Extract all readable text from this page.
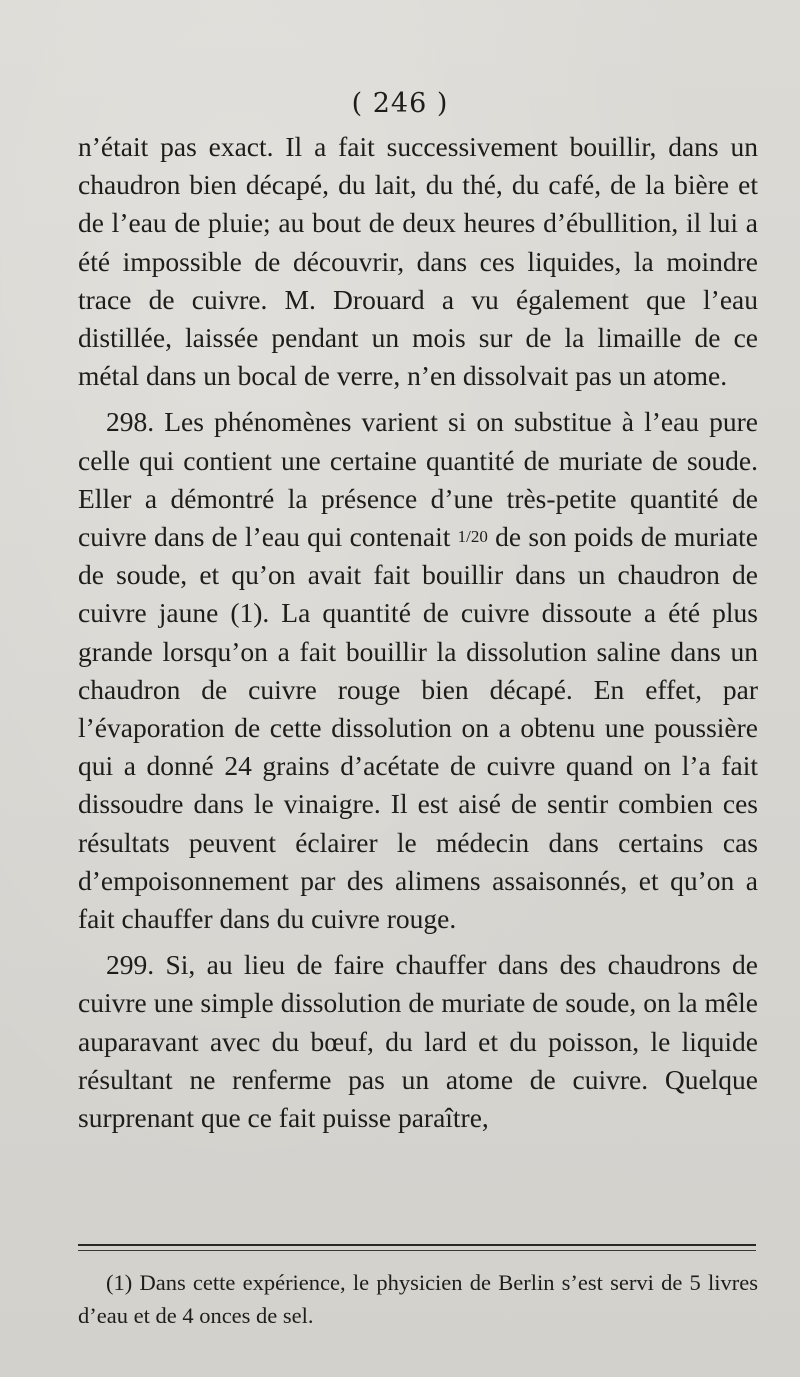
( 246 )

n’était pas exact. Il a fait successivement bouillir, dans un chaudron bien décapé, du lait, du thé, du café, de la bière et de l’eau de pluie; au bout de deux heures d’ébullition, il lui a été impossible de découvrir, dans ces liquides, la moindre trace de cuivre. M. Drouard a vu également que l’eau distillée, laissée pendant un mois sur de la limaille de ce métal dans un bocal de verre, n’en dissolvait pas un atome.

298. Les phénomènes varient si on substitue à l’eau pure celle qui contient une certaine quantité de muriate de soude. Eller a démontré la présence d’une très-petite quantité de cuivre dans de l’eau qui contenait 1/20 de son poids de muriate de soude, et qu’on avait fait bouillir dans un chaudron de cuivre jaune (1). La quantité de cuivre dissoute a été plus grande lorsqu’on a fait bouillir la dissolution saline dans un chaudron de cuivre rouge bien décapé. En effet, par l’évaporation de cette dissolution on a obtenu une poussière qui a donné 24 grains d’acétate de cuivre quand on l’a fait dissoudre dans le vinaigre. Il est aisé de sentir combien ces résultats peuvent éclairer le médecin dans certains cas d’empoisonnement par des alimens assaisonnés, et qu’on a fait chauffer dans du cuivre rouge.

299. Si, au lieu de faire chauffer dans des chaudrons de cuivre une simple dissolution de muriate de soude, on la mêle auparavant avec du bœuf, du lard et du poisson, le liquide résultant ne renferme pas un atome de cuivre. Quelque surprenant que ce fait puisse paraître,

(1) Dans cette expérience, le physicien de Berlin s’est servi de 5 livres d’eau et de 4 onces de sel.
